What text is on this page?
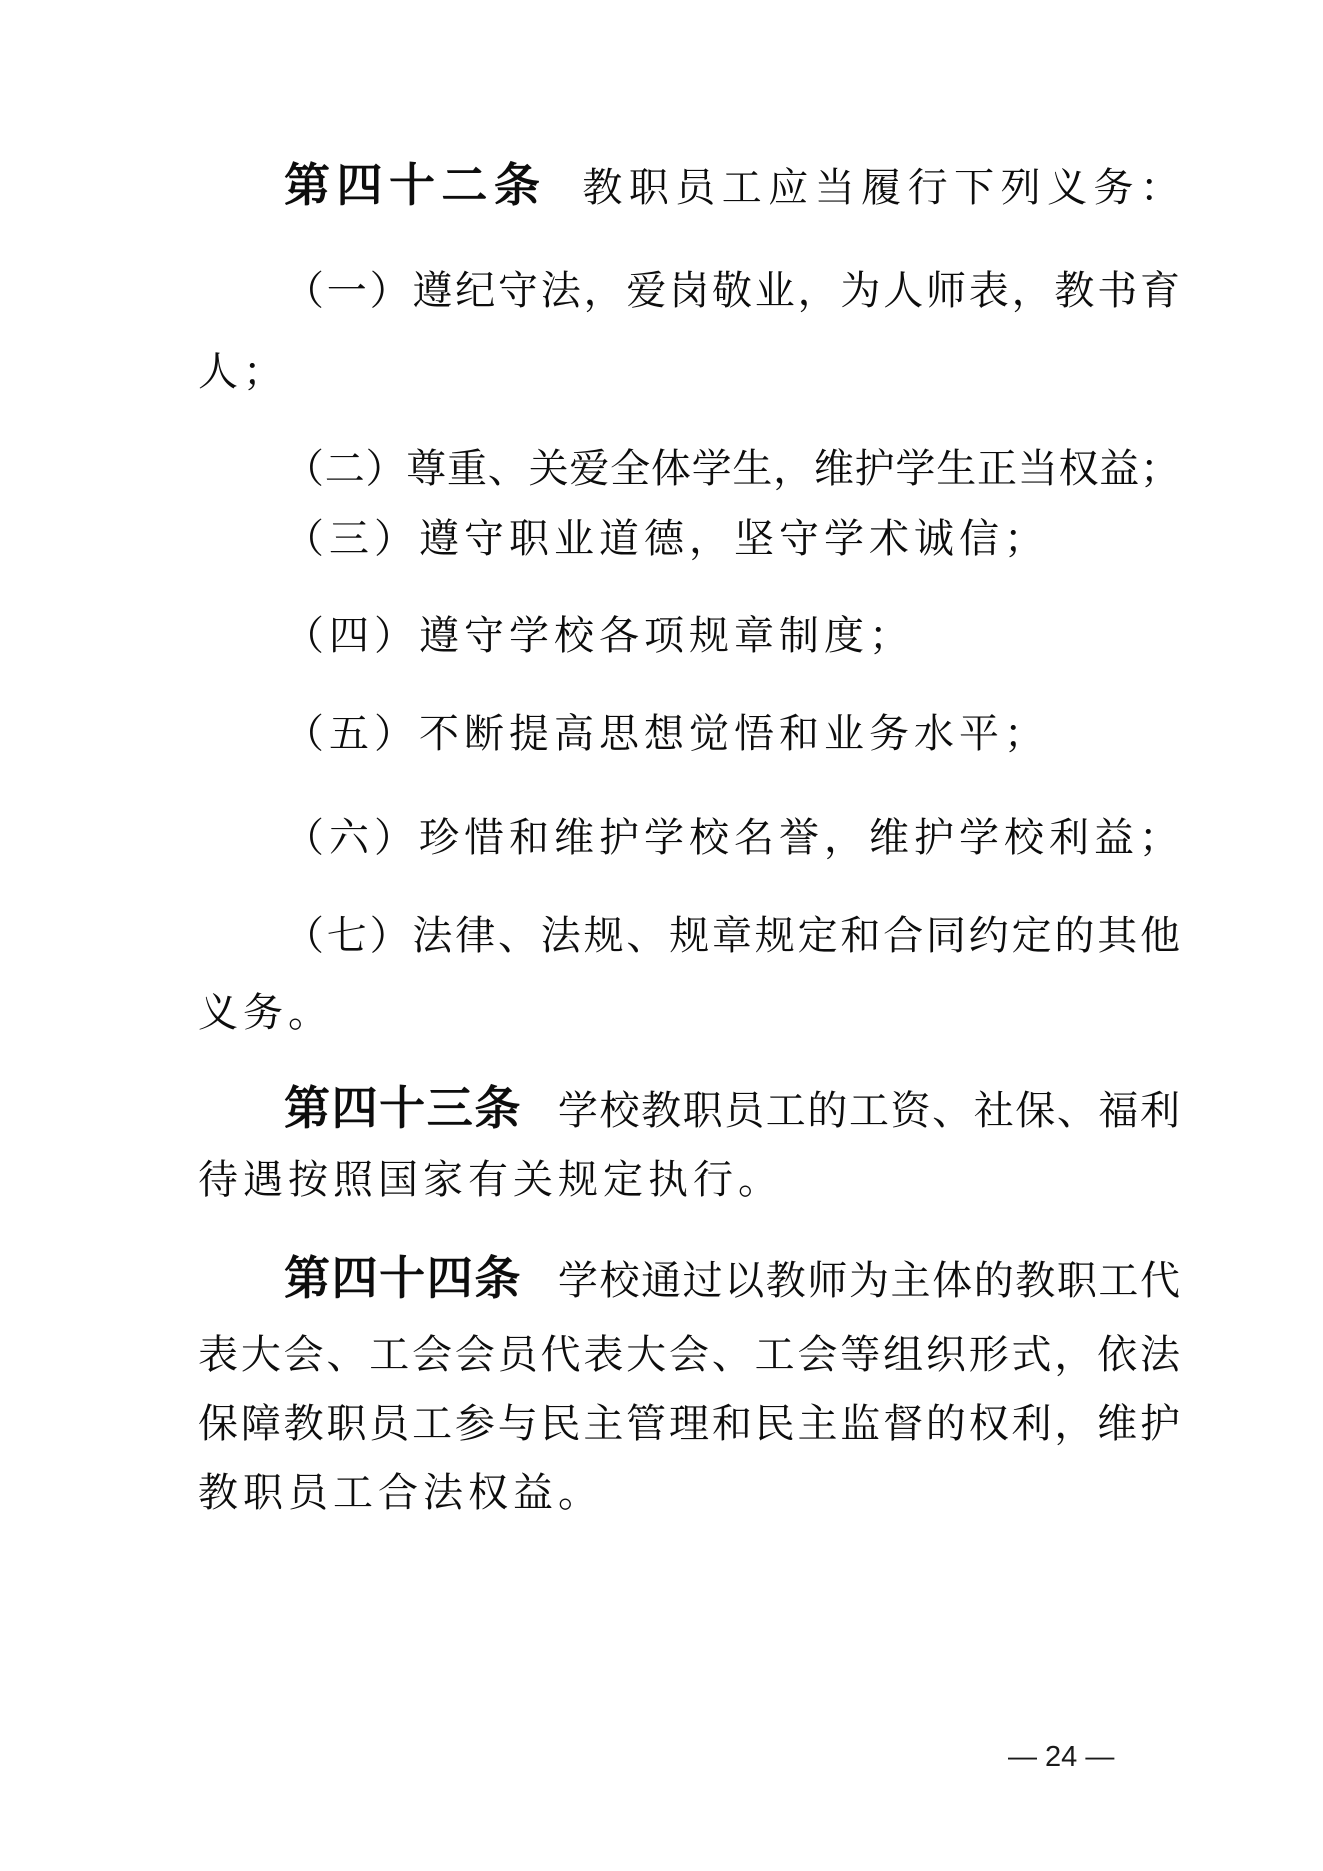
第四十二条 教职员工应当履行下列义务：
（一）遵纪守法，爱岗敬业，为人师表，教书育
人；
（二）尊重、关爱全体学生，维护学生正当权益；
（三）遵守职业道德，坚守学术诚信；
（四）遵守学校各项规章制度；
（五）不断提高思想觉悟和业务水平；
（六）珍惜和维护学校名誉，维护学校利益；
（七）法律、法规、规章规定和合同约定的其他
义务。
第四十三条 学校教职员工的工资、社保、福利
待遇按照国家有关规定执行。
第四十四条 学校通过以教师为主体的教职工代
表大会、工会会员代表大会、工会等组织形式，依法
保障教职员工参与民主管理和民主监督的权利，维护
教职员工合法权益。
— 24 —
